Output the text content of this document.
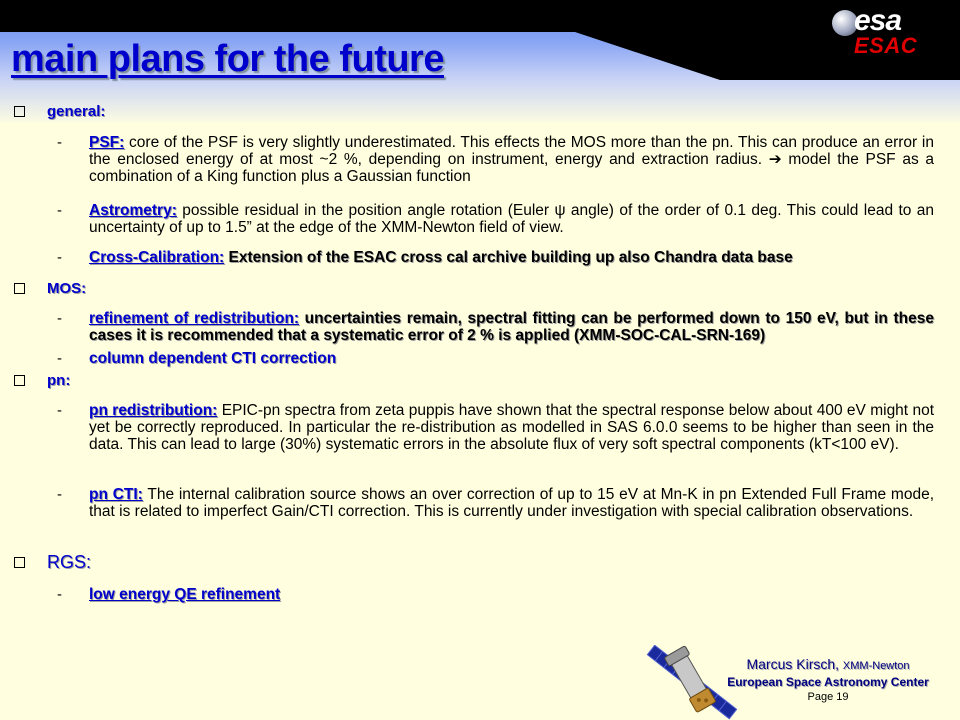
esa
ESAC
main plans for the future
general:
- PSF: core of the PSF is very slightly underestimated. This effects the MOS more than the pn. This can produce an error in the enclosed energy of at most ~2 %, depending on instrument, energy and extraction radius. ➔ model the PSF as a combination of a King function plus a Gaussian function
- Astrometry: possible residual in the position angle rotation (Euler ψ angle) of the order of 0.1 deg. This could lead to an uncertainty of up to 1.5” at the edge of the XMM-Newton field of view.
- Cross-Calibration: Extension of the ESAC cross cal archive building up also Chandra data base
MOS:
- refinement of redistribution: uncertainties remain, spectral fitting can be performed down to 150 eV, but in these cases it is recommended that a systematic error of 2 % is applied (XMM-SOC-CAL-SRN-169)
- column dependent CTI correction
pn:
- pn redistribution: EPIC-pn spectra from zeta puppis have shown that the spectral response below about 400 eV might not yet be correctly reproduced. In particular the re-distribution as modelled in SAS 6.0.0 seems to be higher than seen in the data. This can lead to large (30%) systematic errors in the absolute flux of very soft spectral components (kT<100 eV).
- pn CTI: The internal calibration source shows an over correction of up to 15 eV at Mn-K in pn Extended Full Frame mode, that is related to imperfect Gain/CTI correction. This is currently under investigation with special calibration observations.
RGS:
- low energy QE refinement
Marcus Kirsch, XMM-Newton
European Space Astronomy Center
Page 19
